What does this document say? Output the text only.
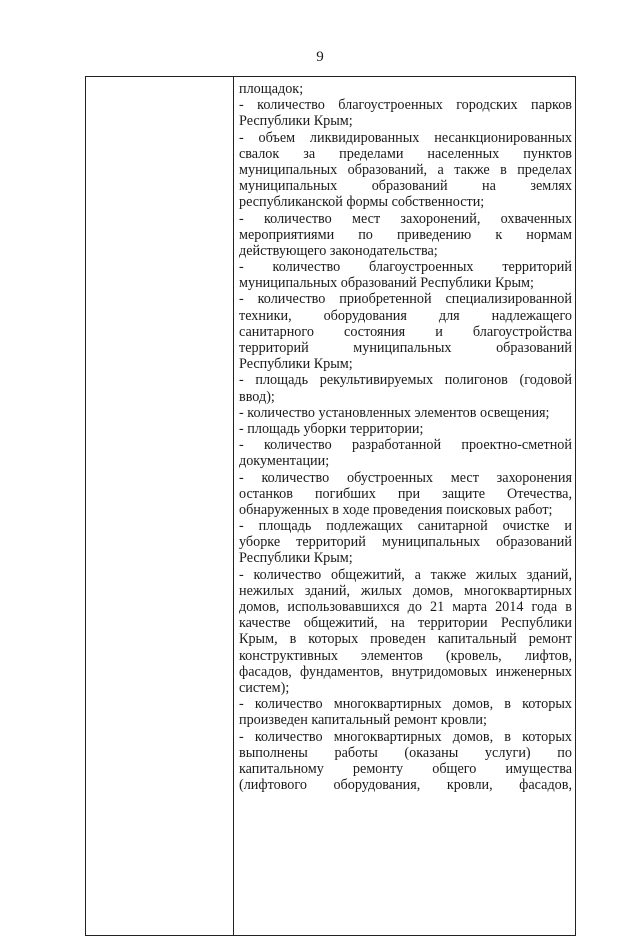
9
площадок;
- количество благоустроенных городских парков
Республики Крым;
- объем ликвидированных несанкционированных
свалок за пределами населенных пунктов
муниципальных образований, а также в пределах
муниципальных образований на землях
республиканской формы собственности;
- количество мест захоронений, охваченных
мероприятиями по приведению к нормам
действующего законодательства;
- количество благоустроенных территорий
муниципальных образований Республики Крым;
- количество приобретенной специализированной
техники, оборудования для надлежащего
санитарного состояния и благоустройства
территорий муниципальных образований
Республики Крым;
- площадь рекультивируемых полигонов (годовой
ввод);
- количество установленных элементов освещения;
- площадь уборки территории;
- количество разработанной проектно-сметной
документации;
- количество обустроенных мест захоронения
останков погибших при защите Отечества,
обнаруженных в ходе проведения поисковых работ;
- площадь подлежащих санитарной очистке и
уборке территорий муниципальных образований
Республики Крым;
- количество общежитий, а также жилых зданий,
нежилых зданий, жилых домов, многоквартирных
домов, использовавшихся до 21 марта 2014 года в
качестве общежитий, на территории Республики
Крым, в которых проведен капитальный ремонт
конструктивных элементов (кровель, лифтов,
фасадов, фундаментов, внутридомовых инженерных
систем);
- количество многоквартирных домов, в которых
произведен капитальный ремонт кровли;
- количество многоквартирных домов, в которых
выполнены работы (оказаны услуги) по
капитальному ремонту общего имущества
(лифтового оборудования, кровли, фасадов,
